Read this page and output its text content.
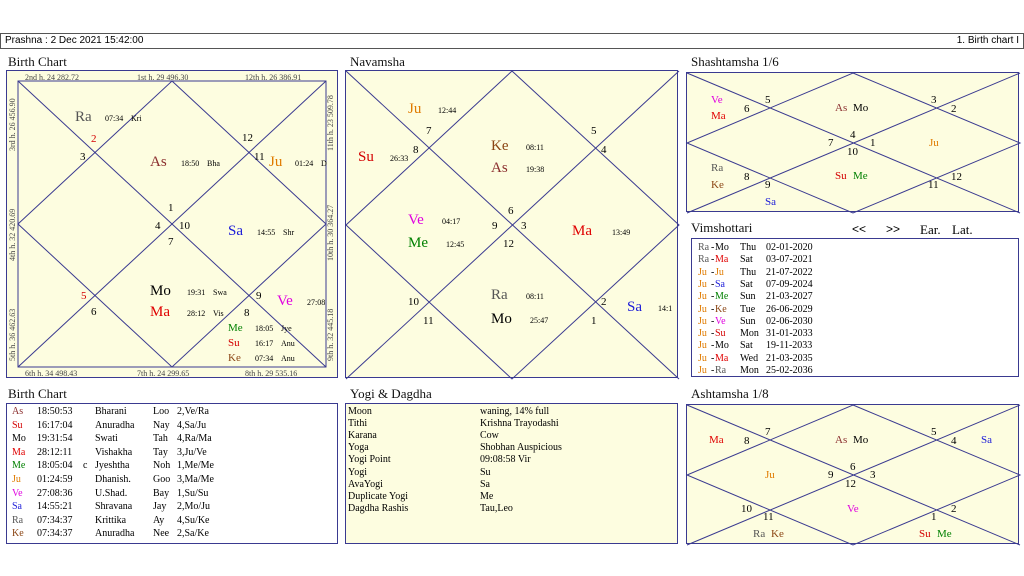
Prashna : 2 Dec 2021 15:42:00	1. Birth chart I
Birth Chart	Navamsha	Shashtamsha 1/6
Vimshottari	<< >> Ear. Lat.
Birth Chart	Yogi & Dagdha	Ashtamsha 1/8
2nd h. 24 282.72	1st h. 29 496.30	12th h. 26 386.91
6th h. 34 498.43	7th h. 24 299.65	8th h. 29 535.16
3rd h. 26 456.90
4th h. 32 420.69
5th h. 36 462.63
11th h. 23 509.78
10th h. 30 364.27
9th h. 32 445.18
1
2
3
4
5
6
7
8
9
10
11
12
Ra 07:34 Kri
As 18:50 Bha	Ju 01:24 D
Sa 14:55 Shr
Mo 19:31 Swa
Ma 28:12 Vis
Ve 27:08
Me 18:05 Jye
Su 16:17 Anu
Ke 07:34 Anu
6
3
9
12
7
8
5
4
10
11
2
1
Ju 12:44
Su 26:33
Ke 08:11
As 19:38
Ve 04:17
Me 12:45
Ma	13:49
Ra 08:11
Mo 25:47
Sa 14:1
4
7	1
10
5
6
3
2
8
9
12
11
Ve
Ma
As Mo
Ju
Ra
Ke
Sa
Su Me
Ra - Mo Thu 02-01-2020
Ra - Ma Sat 03-07-2021
Ju - Ju Thu 21-07-2022
Ju - Sa Sat 07-09-2024
Ju - Me Sun 21-03-2027
Ju - Ke Tue 26-06-2029
Ju - Ve Sun 02-06-2030
Ju - Su Mon 31-01-2033
Ju - Mo Sat 19-11-2033
Ju - Ma Wed 21-03-2035
Ju - Ra Mon 25-02-2036
As 18:50:53 Bharani	Loo 2,Ve/Ra
Su 16:17:04 Anuradha Nay 4,Sa/Ju
Mo 19:31:54 Swati	Tah 4,Ra/Ma
Ma 28:12:11 Vishakha Tay 3,Ju/Ve
Me 18:05:04 c Jyeshtha Noh 1,Me/Me
Ju 01:24:59 Dhanish. Goo 3,Ma/Me
Ve 27:08:36 U.Shad.	Bay 1,Su/Su
Sa 14:55:21 Shravana Jay 2,Mo/Ju
Ra 07:34:37 Krittika	Ay 4,Su/Ke
Ke 07:34:37 Anuradha Nee 2,Sa/Ke
Moon	waning, 14% full
Tithi	Krishna Trayodashi
Karana	Cow
Yoga	Shobhan Auspicious
Yogi Point	09:08:58 Vir
Yogi	Su
AvaYogi	Sa
Duplicate Yogi	Me
Dagdha Rashis	Tau,Leo
6
9	3
12
7
8
5
4
10
11
2
1
Ma	As Mo	Sa
Ju
Ve
Ra Ke	Su Me
